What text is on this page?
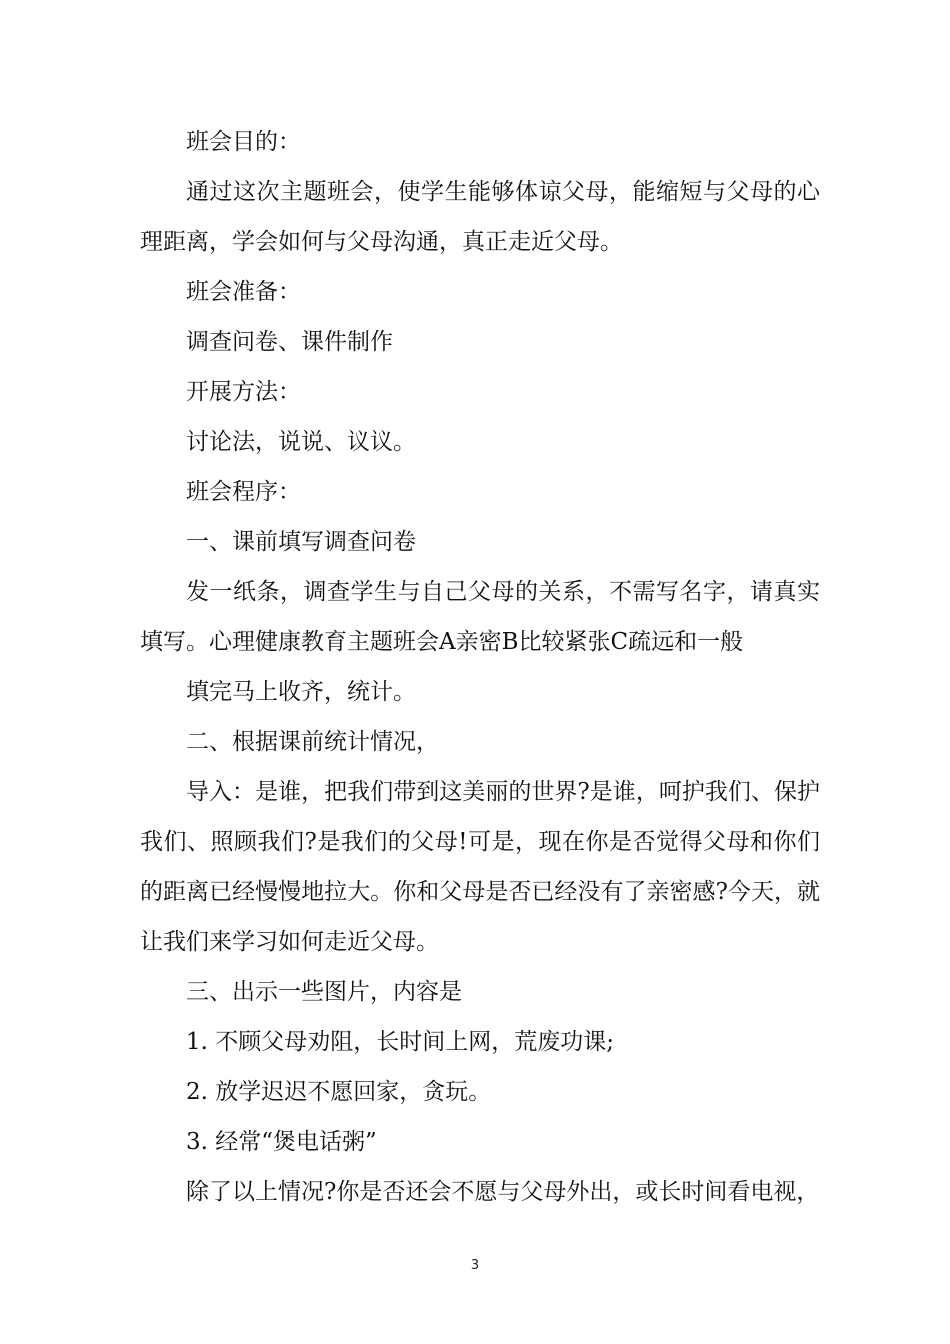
班会目的：

通过这次主题班会，使学生能够体谅父母，能缩短与父母的心理距离，学会如何与父母沟通，真正走近父母。

班会准备：

调查问卷、课件制作

开展方法：

讨论法，说说、议议。

班会程序：

一、课前填写调查问卷

发一纸条，调查学生与自己父母的关系，不需写名字，请真实填写。心理健康教育主题班会A亲密B比较紧张C疏远和一般

填完马上收齐，统计。

二、根据课前统计情况，

导入：是谁，把我们带到这美丽的世界?是谁，呵护我们、保护我们、照顾我们?是我们的父母!可是，现在你是否觉得父母和你们的距离已经慢慢地拉大。你和父母是否已经没有了亲密感?今天，就让我们来学习如何走近父母。

三、出示一些图片，内容是

1. 不顾父母劝阻，长时间上网，荒废功课;

2. 放学迟迟不愿回家，贪玩。

3. 经常“煲电话粥”

除了以上情况?你是否还会不愿与父母外出，或长时间看电视，

3
